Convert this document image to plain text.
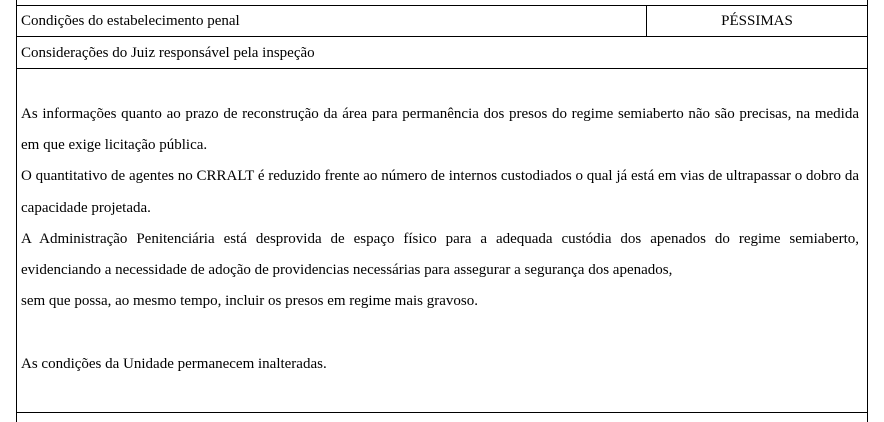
Condições do estabelecimento penal	PÉSSIMAS
Considerações do Juiz responsável pela inspeção

As informações quanto ao prazo de reconstrução da área para permanência dos presos do regime semiaberto não são precisas, na medida em que exige licitação pública.

O quantitativo de agentes no CRRALT é reduzido frente ao número de internos custodiados o qual já está em vias de ultrapassar o dobro da capacidade projetada.

A Administração Penitenciária está desprovida de espaço físico para a adequada custódia dos apenados do regime semiaberto, evidenciando a necessidade de adoção de providencias necessárias para assegurar a segurança dos apenados,

sem que possa, ao mesmo tempo, incluir os presos em regime mais gravoso.

As condições da Unidade permanecem inalteradas.
